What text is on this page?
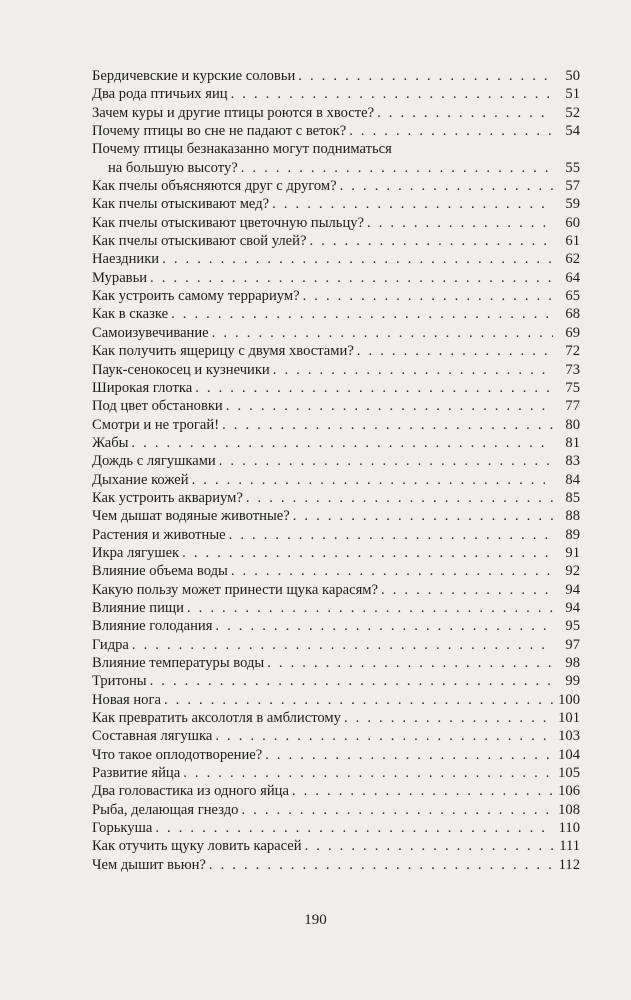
Бердичевские и курские соловьи . . .	50
Два рода птичьих яиц . . .	51
Зачем куры и другие птицы роются в хвосте? . . .	52
Почему птицы во сне не падают с веток? . . .	54
Почему птицы безнаказанно могут подниматься
на большую высоту? . . .	55
Как пчелы объясняются друг с другом? . . .	57
Как пчелы отыскивают мед? . . .	59
Как пчелы отыскивают цветочную пыльцу? . . .	60
Как пчелы отыскивают свой улей? . . .	61
Наездники . . .	62
Муравьи . . .	64
Как устроить самому террариум? . . .	65
Как в сказке . . .	68
Самоизувечивание . . .	69
Как получить ящерицу с двумя хвостами? . . .	72
Паук-сенокосец и кузнечики . . .	73
Широкая глотка . . .	75
Под цвет обстановки . . .	77
Смотри и не трогай! . . .	80
Жабы . . .	81
Дождь с лягушками . . .	83
Дыхание кожей . . .	84
Как устроить аквариум? . . .	85
Чем дышат водяные животные? . . .	88
Растения и животные . . .	89
Икра лягушек . . .	91
Влияние объема воды . . .	92
Какую пользу может принести щука карасям? . . .	94
Влияние пищи . . .	94
Влияние голодания . . .	95
Гидра . . .	97
Влияние температуры воды . . .	98
Тритоны . . .	99
Новая нога . . .	100
Как превратить аксолотля в амблистому . . .	101
Составная лягушка . . .	103
Что такое оплодотворение? . . .	104
Развитие яйца . . .	105
Два головастика из одного яйца . . .	106
Рыба, делающая гнездо . . .	108
Горькуша . . .	110
Как отучить щуку ловить карасей . . .	111
Чем дышит вьюн? . . .	112
190
